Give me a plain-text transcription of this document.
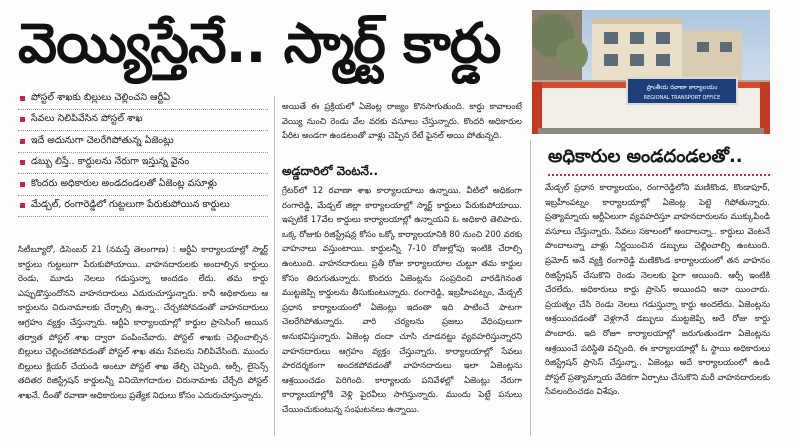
వెయ్యిస్తేనే.. స్మార్ట్ కార్డు
పోస్టల్ శాఖకు బిల్లులు చెల్లించని ఆర్టీఏ
సేవలు నిలిపివేసిన పోస్టల్ శాఖ
ఇదే అదునుగా చెలరేగిపోతున్న ఏజెంట్లు
డబ్బు లిస్తే.. కార్డులను నేరుగా ఇస్తున్న వైనం
కొందరు అధికారుల అండదండలతో ఏజెంట్ల వసూళ్లు
మేడ్చల్, రంగారెడ్డిలో గుట్టలుగా పేరుకుపోయిన కార్డులు
సిటీబ్యూరో, డిసెంబర్ 21 (నమస్తే తెలంగాణ) : ఆర్టీఏ కార్యాలయాల్లో స్మార్ట్ కార్డులు గుట్టలుగా పేరుకుపోయాయి. వాహనదారులకు అందాల్సిన కార్డులు రెండు, మూడు నెలలు గడుస్తున్నా అందడం లేదు. తమ కార్డు ఎప్పుడొస్తుందోనని వాహనదారులు ఎదురుచూస్తున్నారు. కానీ అధికారులు ఆ కార్డులను చిరునామాలకు చేర్చాల్సి ఉన్నా.. చేర్చకపోవడంతో వాహనదారులు ఆగ్రహం వ్యక్తం చేస్తున్నారు. ఆర్టీఏ కార్యాలయాల్లో కార్డుల ప్రాసెసింగ్ అయిన తర్వాత పోస్టల్ శాఖ ద్వారా పంపించేవారు. పోస్టల్ శాఖకు చెల్లించాల్సిన బిల్లులు చెల్లించకపోవడంతో పోస్టల్ శాఖ తమ సేవలను నిలిపివేసింది. ముందు బిల్లులు క్లియర్ చేయండి అంటూ పోస్టల్ శాఖ తేల్చి చెప్పింది. ఆర్సీ, లైసెన్స్ తదితర రిజిస్ట్రేషన్ కార్డులన్నీ వినియోగదారుల చిరునామాకు చేర్చేది పోస్టల్ శాఖనే. దీంతో రవాణా అధికారులు ప్రత్యేక నిధులు కోసం ఎదురుచూస్తున్నారు.
అయితే ఈ ప్రక్రియలో ఏజెంట్ల రాజ్యం కొనసాగుతుంది. కార్డు కావాలంటే వెయ్యి నుంచి రెండు వేల వరకు వసూలు చేస్తున్నారు. కొందరి అధికారుల పేరిట అండగా ఉండటంతో వాళ్లు చెప్పిన రేటే ఫైనల్ అయి పోతున్నది.
అడ్డదారిలో వెంటనే..
గ్రేటర్‌లో 12 రవాణా శాఖ కార్యాలయాలు ఉన్నాయి. వీటిలో అధికంగా రంగారెడ్డి, మేడ్చల్ జిల్లా కార్యాలయాల్లో స్మార్ట్ కార్డులు పేరుకుపోయాయి. ఇప్పటికే 17వేల కార్డులు కార్యాలయాల్లో ఉన్నాయని ఓ అధికారి తెలిపారు. ఒక్క రోజుకు రిజిస్ట్రేషన్ల కోసం ఒక్కో కార్యాలయానికి 80 నుంచి 200 వరకు వాహనాలు వస్తుంటాయి. కార్డులన్నీ 7-10 రోజుల్లోపు ఇంటికి చేరాల్సి ఉంటుంది. వాహనదారులు ప్రతీ రోజు కార్యాలయాల చుట్టూ తమ కార్డుల కోసం తిరుగుతున్నారు. కొందరు ఏజెంట్లను సంప్రదించి వారడిగినంత ముట్టజెప్పి కార్డులను తీసుకుంటున్నారు. రంగారెడ్డి, ఇబ్రహీంపట్నం, మేడ్చల్ ప్రధాన కార్యాలయంలో ఏజెంట్లు ఇదంతా ఇది పాటించే పాటగా చెలరేగిపోతున్నారు. వారి చర్యలను ప్రజలు వేధింపులుగా అనుభవిస్తున్నారు. ఏజెంట్ల దందా చూసి చూడనట్టు వ్యవహరిస్తున్నారని వాహనదారులు ఆగ్రహం వ్యక్తం చేస్తున్నారు. కార్యాలయాల్లో సేవలు పారదర్శకంగా అందకపోవడంతో వాహనదారులు ఇలా ఏజెంట్లను ఆశ్రయించడం పెరిగింది. కార్యాలయ పనివేళల్లో ఏజెంట్లు నేరుగా కార్యాలయాల్లోకి వెళ్లి పైరవీలు సాగిస్తున్నారు. ముందు పెట్టే పనులు చేయించుకుంటున్న సంఘటనలు ఉన్నాయి.
ప్రాంతీయ రవాణా కార్యాలయం
REGIONAL TRANSPORT OFFICE
అధికారుల అండదండలతో..
మేడ్చల్ ప్రధాన కార్యాలయం, రంగారెడ్డిలోని మణికొండ, కొండాపూర్, ఇబ్రహీంపట్నం కార్యాలయాల్లో ఏజెంట్ల పెట్టె గిపోతున్నారు. ప్రత్యామ్నాయ ఆర్టీఏలుగా వ్యవహరిస్తూ వాహనదారులను ముక్కుపిండి వసూలు చేస్తున్నారు. సేవలు సకాలంలో అందాలన్నా.. కార్డులు వెంటనే పొందాలన్నా వాళ్లు నిర్ణయించిన డబ్బులు చెల్లించాల్సి ఉంటుంది. ప్రమోద్ అనే వ్యక్తి రంగారెడ్డి మణికొండ కార్యాలయంలో తన వాహనం రిజిస్ట్రేషన్ చేసుకొని రెండు నెలలకు పైగా అయింది. ఆర్సీ ఇంటికి చేరలేదు. అధికారులు కార్డు ప్రాసెస్ అయిందని అనా యించారు. ప్రయత్నం చేసి రెండు నెలలు గడుస్తున్నా కార్డు అందలేదు. ఏజెంట్లను ఆశ్రయించడంతో వెళ్లగానే డబ్బులు ముట్టజెప్పి అదే రోజు కార్డు పొందారు. ఇది రోజూ కార్యాలయాల్లో జరుగుతుండగా ఏజెంట్లను ఆశ్రయించే పరిస్థితి వచ్చింది. ఈ కార్యాలయాల్లో ఓ స్థాయి అధికారులు రిజిస్ట్రేషన్ ప్రాసెస్ చేస్తున్నా.. ఏజెంట్లు అదే కార్యాలయంలో ఉండి పోస్టల్ ప్రత్యామ్నాయ వేదికగా ఏర్పాటు చేసుకొని మరీ వాహనదారులకు సేవలందించడం విశేషం.
